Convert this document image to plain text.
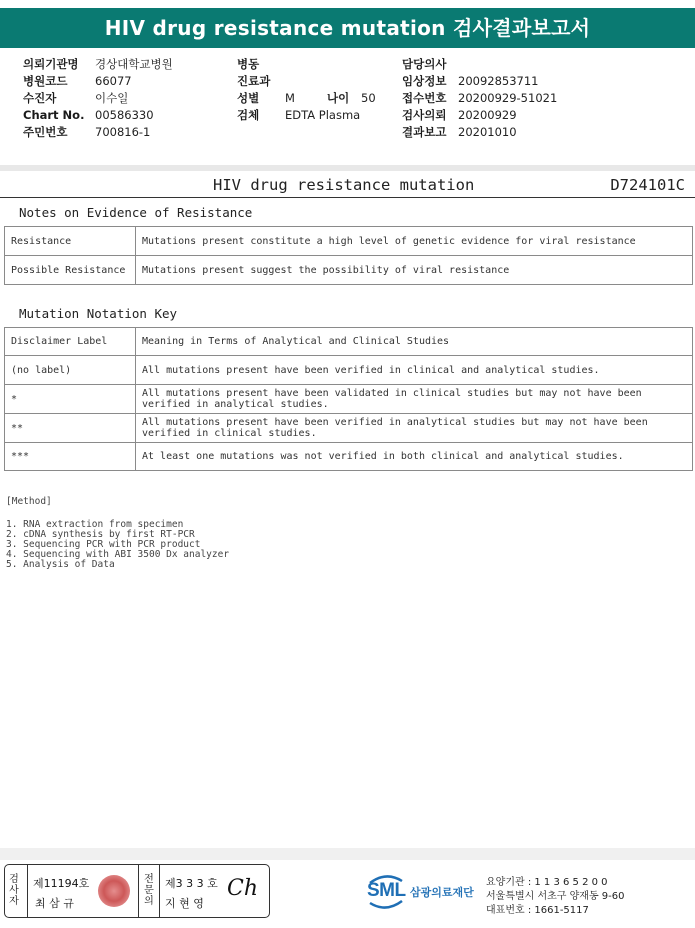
HIV drug resistance mutation 검사결과보고서
의뢰기관명 경상대학교병원
병원코드 66077
수진자	이수일
Chart No. 00586330
주민번호 700816-1
병동
진료과
성별 M	나이 50
검체 EDTA Plasma
담당의사
임상정보 20092853711
접수번호 20200929-51021
검사의뢰 20200929
결과보고 20201010
HIV drug resistance mutation	D724101C
Notes on Evidence of Resistance
Resistance	Mutations present constitute a high level of genetic evidence for viral resistance
Possible Resistance	Mutations present suggest the possibility of viral resistance
Mutation Notation Key
Disclaimer Label	Meaning in Terms of Analytical and Clinical Studies
(no label)	All mutations present have been verified in clinical and analytical studies.
*	All mutations present have been validated in clinical studies but may not have been verified in analytical studies.
**	All mutations present have been verified in analytical studies but may not have been verified in clinical studies.
***	At least one mutations was not verified in both clinical and analytical studies.
[Method]
1. RNA extraction from specimen
2. cDNA synthesis by first RT-PCR
3. Sequencing PCR with PCR product
4. Sequencing with ABI 3500 Dx analyzer
5. Analysis of Data
검
사
자
제11194호
최 삼 규
전
문
의
제3 3 3 호
지 현 영
Ch	SML 삼광의료재단
요양기관 : 1 1 3 6 5 2 0 0
서울특별시 서초구 양재동 9-60
대표번호 : 1661-5117
